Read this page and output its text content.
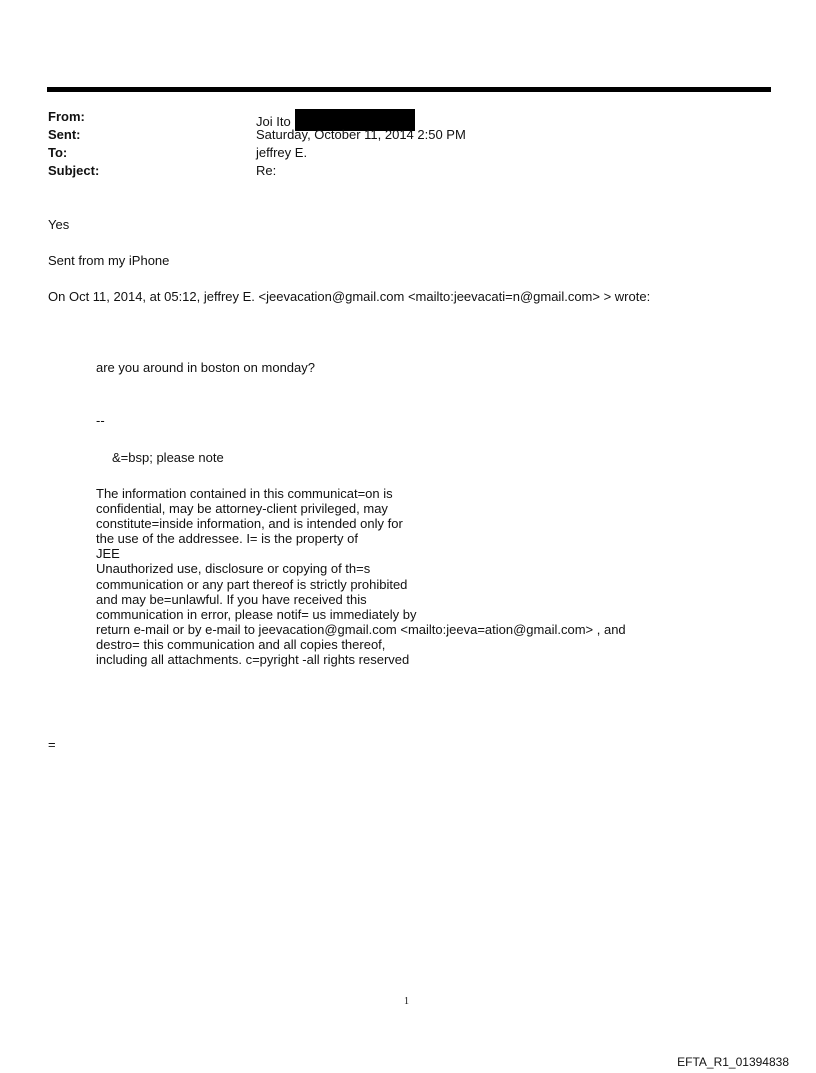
From:	Joi Ito
Sent:	Saturday, October 11, 2014 2:50 PM
To:	jeffrey E.
Subject:	Re:
Yes
Sent from my iPhone
On Oct 11, 2014, at 05:12, jeffrey E. <jeevacation@gmail.com <mailto:jeevacati=n@gmail.com> > wrote:
are you around in boston on monday?
--
&=bsp; please note
The information contained in this communicat=on is
confidential, may be attorney-client privileged, may
constitute=inside information, and is intended only for
the use of the addressee. I= is the property of
JEE
Unauthorized use, disclosure or copying of th=s
communication or any part thereof is strictly prohibited
and may be=unlawful. If you have received this
communication in error, please notif= us immediately by
return e-mail or by e-mail to jeevacation@gmail.com <mailto:jeeva=ation@gmail.com> , and
destro= this communication and all copies thereof,
including all attachments. c=pyright -all rights reserved
=
1
EFTA_R1_01394838
